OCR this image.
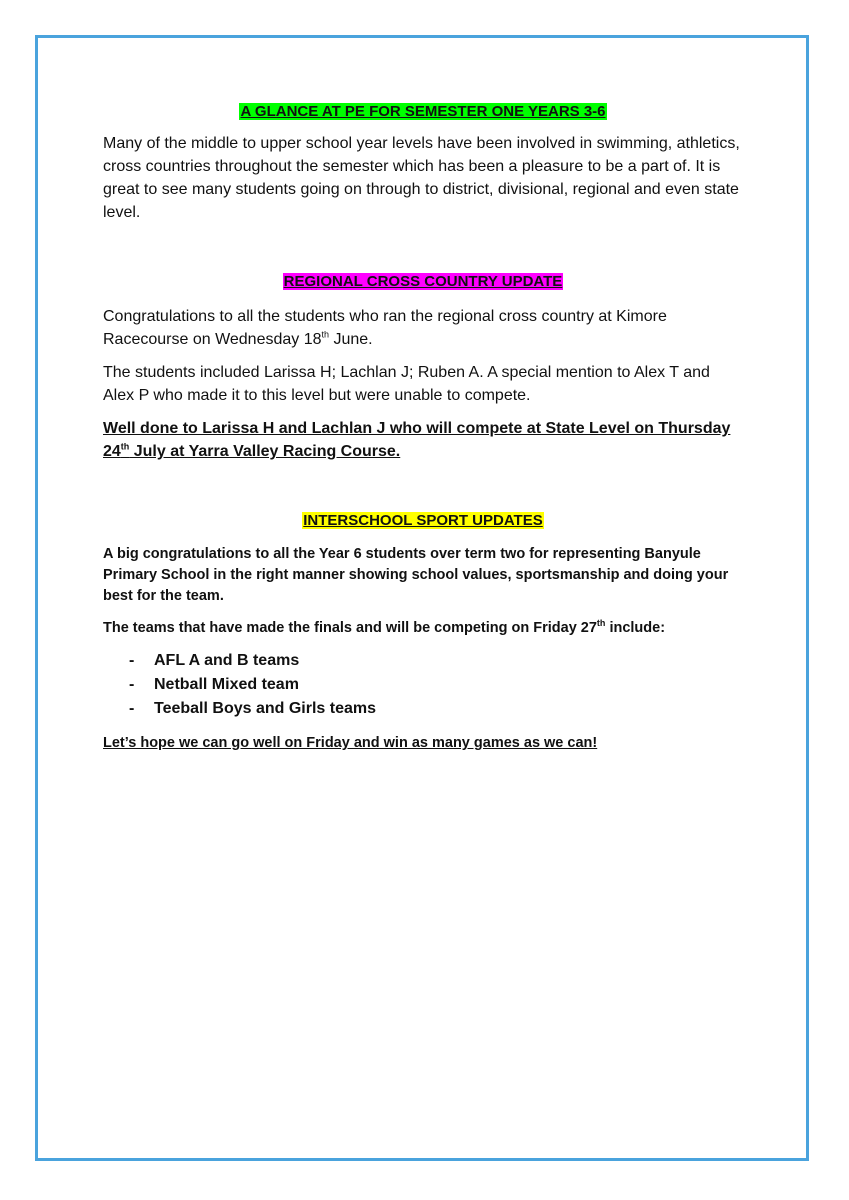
A GLANCE AT PE FOR SEMESTER ONE YEARS 3-6

Many of the middle to upper school year levels have been involved in swimming, athletics, cross countries throughout the semester which has been a pleasure to be a part of. It is great to see many students going on through to district, divisional, regional and even state level.

REGIONAL CROSS COUNTRY UPDATE

Congratulations to all the students who ran the regional cross country at Kimore Racecourse on Wednesday 18th June.

The students included Larissa H; Lachlan J; Ruben A. A special mention to Alex T and Alex P who made it to this level but were unable to compete.

Well done to Larissa H and Lachlan J who will compete at State Level on Thursday 24th July at Yarra Valley Racing Course.

INTERSCHOOL SPORT UPDATES

A big congratulations to all the Year 6 students over term two for representing Banyule Primary School in the right manner showing school values, sportsmanship and doing your best for the team.

The teams that have made the finals and will be competing on Friday 27th include:

- AFL A and B teams
- Netball Mixed team
- Teeball Boys and Girls teams

Let’s hope we can go well on Friday and win as many games as we can!
